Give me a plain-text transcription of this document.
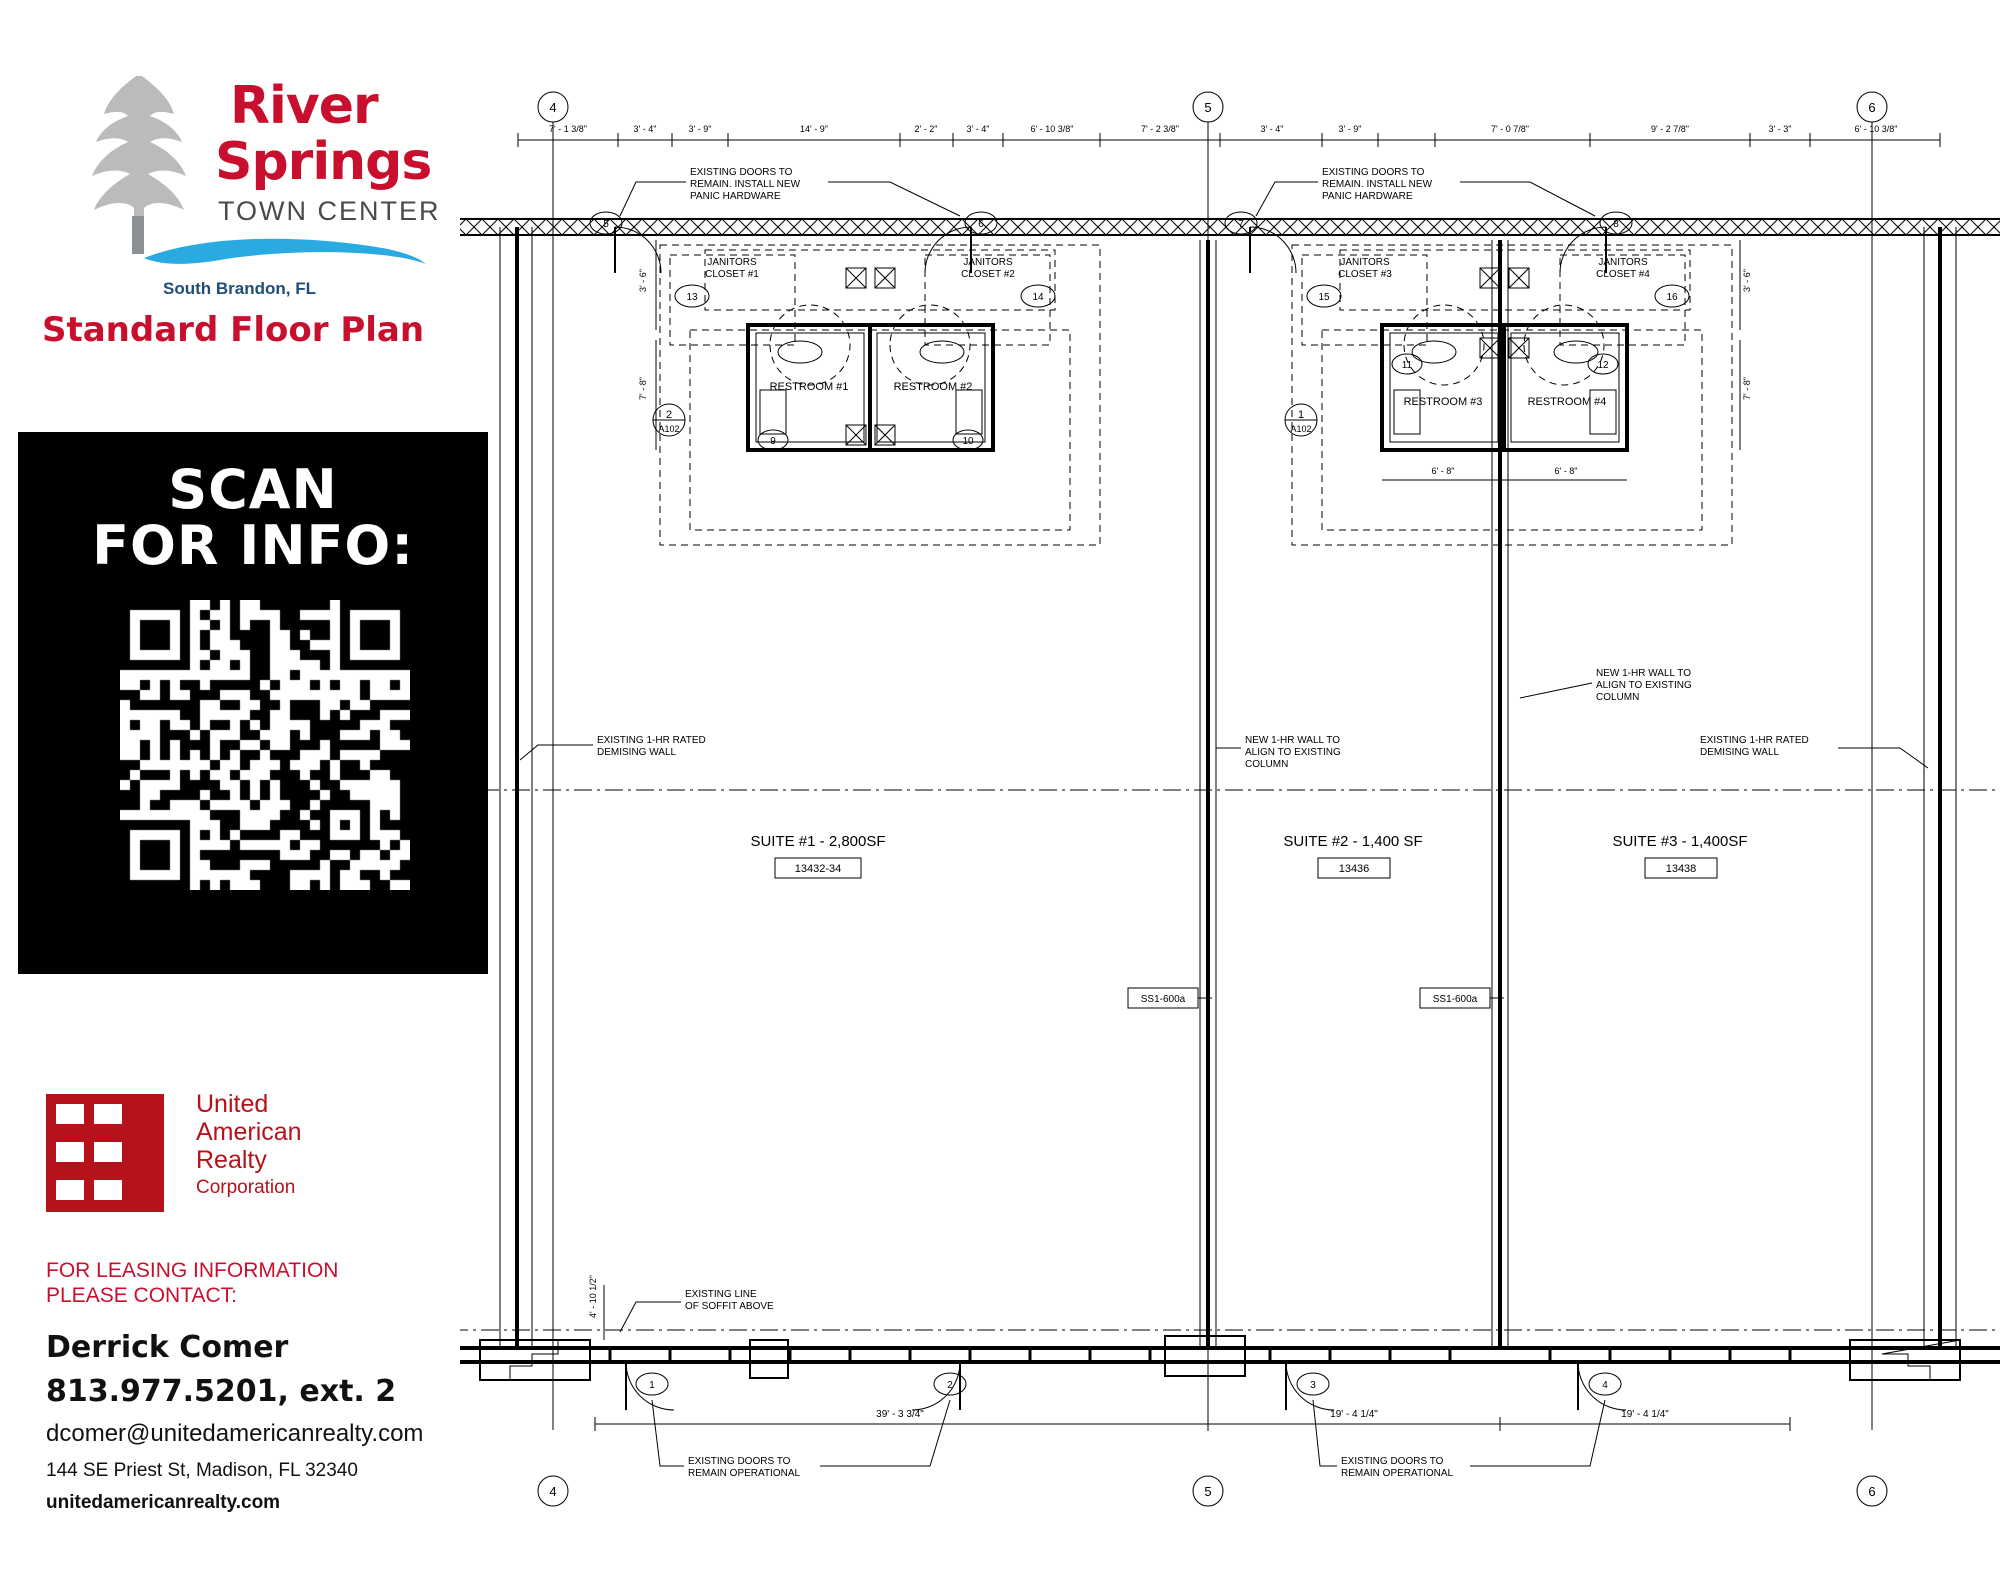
River
Springs
TOWN CENTER
South Brandon, FL
Standard Floor Plan
SCAN
FOR INFO:
United
American
Realty
Corporation
FOR LEASING INFORMATION
PLEASE CONTACT:
Derrick Comer
813.977.5201, ext. 2
dcomer@unitedamericanrealty.com
144 SE Priest St, Madison, FL 32340
unitedamericanrealty.com
4	5	6
4	5	6
7' - 1 3/8"	3' - 4"	3' - 9"	14' - 9"	2' - 2"	3' - 4"	6' - 10 3/8"	7' - 2 3/8"	3' - 4"	3' - 9"	7' - 0 7/8"	9' - 2 7/8"	3' - 3"	6' - 10 3/8"
5	6
JANITORS
CLOSET #1
JANITORS
CLOSET #2
13	14
RESTROOM #1	RESTROOM #2
9	10
3' - 6"
7' - 8"
2
A102
7	8
JANITORS
CLOSET #3
JANITORS
CLOSET #4
15	16
RESTROOM #3	RESTROOM #4
11	12
6' - 8"	6' - 8"
3' - 6"
7' - 8"
1
A102
EXISTING DOORS TO
REMAIN. INSTALL NEW
PANIC HARDWARE
EXISTING DOORS TO
REMAIN. INSTALL NEW
PANIC HARDWARE
NEW 1-HR WALL TO
ALIGN TO EXISTING
COLUMN
EXISTING 1-HR RATED
DEMISING WALL
NEW 1-HR WALL TO
ALIGN TO EXISTING
COLUMN
EXISTING 1-HR RATED
DEMISING WALL
SUITE #1 - 2,800SF
13432-34
SUITE #2 - 1,400 SF
13436
SUITE #3 - 1,400SF
13438
SS1-600a	SS1-600a
1	2	3	4
EXISTING LINE
OF SOFFIT ABOVE
4' - 10 1/2"
39' - 3 3/4"	19' - 4 1/4"	19' - 4 1/4"
EXISTING DOORS TO
REMAIN OPERATIONAL
EXISTING DOORS TO
REMAIN OPERATIONAL
